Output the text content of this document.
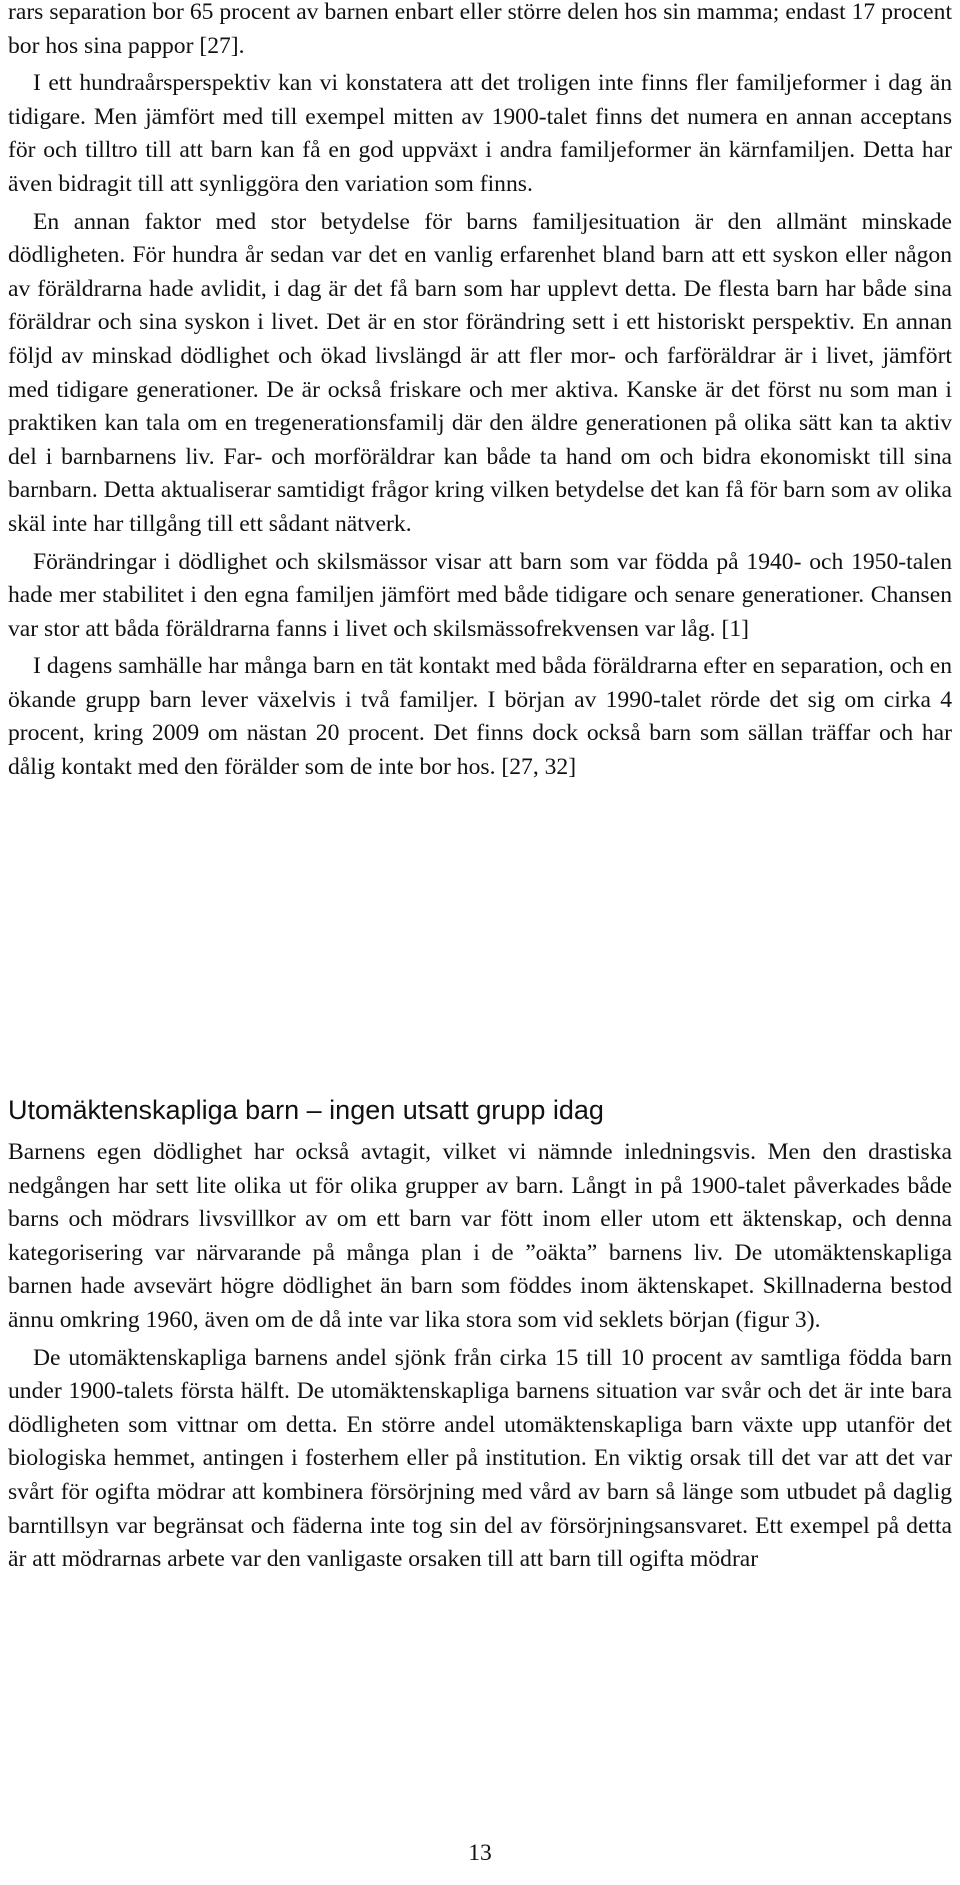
rars separation bor 65 procent av barnen enbart eller större delen hos sin mamma; endast 17 procent bor hos sina pappor [27].

I ett hundraårsperspektiv kan vi konstatera att det troligen inte finns fler familjeformer i dag än tidigare. Men jämfört med till exempel mitten av 1900-talet finns det numera en annan acceptans för och tilltro till att barn kan få en god uppväxt i andra familjeformer än kärnfamiljen. Detta har även bidragit till att synliggöra den variation som finns.

En annan faktor med stor betydelse för barns familjesituation är den allmänt minskade dödligheten. För hundra år sedan var det en vanlig erfarenhet bland barn att ett syskon eller någon av föräldrarna hade avlidit, i dag är det få barn som har upplevt detta. De flesta barn har både sina föräldrar och sina syskon i livet. Det är en stor förändring sett i ett historiskt perspektiv. En annan följd av minskad dödlighet och ökad livslängd är att fler mor- och farföräldrar är i livet, jämfört med tidigare generationer. De är också friskare och mer aktiva. Kanske är det först nu som man i praktiken kan tala om en tregenerationsfamilj där den äldre generationen på olika sätt kan ta aktiv del i barnbarnens liv. Far- och morföräldrar kan både ta hand om och bidra ekonomiskt till sina barnbarn. Detta aktualiserar samtidigt frågor kring vilken betydelse det kan få för barn som av olika skäl inte har tillgång till ett sådant nätverk.

Förändringar i dödlighet och skilsmässor visar att barn som var födda på 1940- och 1950-talen hade mer stabilitet i den egna familjen jämfört med både tidigare och senare generationer. Chansen var stor att båda föräldrarna fanns i livet och skilsmässofrekvensen var låg. [1]

I dagens samhälle har många barn en tät kontakt med båda föräldrarna efter en separation, och en ökande grupp barn lever växelvis i två familjer. I början av 1990-talet rörde det sig om cirka 4 procent, kring 2009 om nästan 20 procent. Det finns dock också barn som sällan träffar och har dålig kontakt med den förälder som de inte bor hos. [27, 32]

Utomäktenskapliga barn – ingen utsatt grupp idag

Barnens egen dödlighet har också avtagit, vilket vi nämnde inledningsvis. Men den drastiska nedgången har sett lite olika ut för olika grupper av barn. Långt in på 1900-talet påverkades både barns och mödrars livsvillkor av om ett barn var fött inom eller utom ett äktenskap, och denna kategorisering var närvarande på många plan i de ”oäkta” barnens liv. De utomäktenskapliga barnen hade avsevärt högre dödlighet än barn som föddes inom äktenskapet. Skillnaderna bestod ännu omkring 1960, även om de då inte var lika stora som vid seklets början (figur 3).

De utomäktenskapliga barnens andel sjönk från cirka 15 till 10 procent av samtliga födda barn under 1900-talets första hälft. De utomäktenskapliga barnens situation var svår och det är inte bara dödligheten som vittnar om detta. En större andel utomäktenskapliga barn växte upp utanför det biologiska hemmet, antingen i fosterhem eller på institution. En viktig orsak till det var att det var svårt för ogifta mödrar att kombinera försörjning med vård av barn så länge som utbudet på daglig barntillsyn var begränsat och fäderna inte tog sin del av försörjningsansvaret. Ett exempel på detta är att mödrarnas arbete var den vanligaste orsaken till att barn till ogifta mödrar

13
